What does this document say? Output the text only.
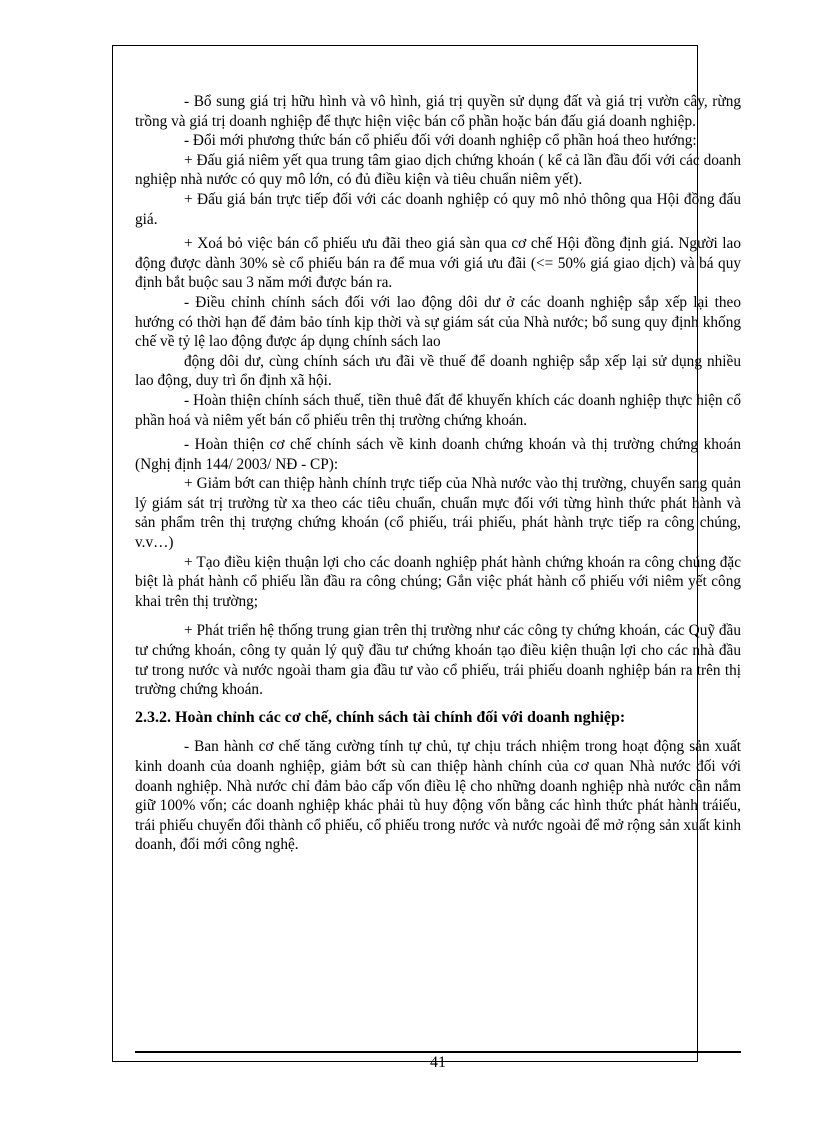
- Bổ sung giá trị hữu hình và vô hình, giá trị quyền sử dụng đất và giá trị vườn cây, rừng trồng và giá trị doanh nghiệp để thực hiện việc bán cổ phần hoặc bán đấu giá doanh nghiệp.

- Đổi mới phương thức bán cổ phiếu đối với doanh nghiệp cổ phần hoá theo hướng:

+ Đấu giá niêm yết qua trung tâm giao dịch chứng khoán ( kể cả lần đầu đối với các doanh nghiệp nhà nước có quy mô lớn, có đủ điều kiện và tiêu chuẩn niêm yết).

+ Đấu giá bán trực tiếp đối với các doanh nghiệp có quy mô nhỏ thông qua Hội đồng đấu giá.

+ Xoá bỏ việc bán cổ phiếu ưu đãi theo giá sàn qua cơ chế Hội đồng định giá. Người lao động được dành 30% sè cổ phiếu bán ra để mua với giá ưu đãi (<= 50% giá giao dịch) và bá quy định bắt buộc sau 3 năm mới được bán ra.

- Điều chỉnh chính sách đối với lao động dôi dư ở các doanh nghiệp sắp xếp lại theo hướng có thời hạn để đảm bảo tính kịp thời và sự giám sát của Nhà nước; bổ sung quy định khống chế về tỷ lệ lao động được áp dụng chính sách lao

động dôi dư, cùng chính sách ưu đãi về thuế để doanh nghiệp sắp xếp lại sử dụng nhiều lao động, duy trì ổn định xã hội.

- Hoàn thiện chính sách thuế, tiền thuê đất để khuyến khích các doanh nghiệp thực hiện cổ phần hoá và niêm yết bán cổ phiếu trên thị trường chứng khoán.

- Hoàn thiện cơ chế chính sách về kinh doanh chứng khoán và thị trường chứng khoán (Nghị định 144/ 2003/ NĐ - CP):

+ Giảm bớt can thiệp hành chính trực tiếp của Nhà nước vào thị trường, chuyển sang quản lý giám sát trị trường từ xa theo các tiêu chuẩn, chuẩn mực đối với từng hình thức phát hành và sản phẩm trên thị trượng chứng khoán (cổ phiếu, trái phiếu, phát hành trực tiếp ra công chúng, v.v…)

+ Tạo điều kiện thuận lợi cho các doanh nghiệp phát hành chứng khoán ra công chúng đặc biệt là phát hành cổ phiếu lần đầu ra công chúng; Gắn việc phát hành cổ phiếu với niêm yết công khai trên thị trường;

+ Phát triển hệ thống trung gian trên thị trường như các công ty chứng khoán, các Quỹ đầu tư chứng khoán, công ty quản lý quỹ đầu tư chứng khoán tạo điều kiện thuận lợi cho các nhà đầu tư trong nước và nước ngoài tham gia đầu tư vào cổ phiếu, trái phiếu doanh nghiệp bán ra trên thị trường chứng khoán.

2.3.2. Hoàn chỉnh các cơ chế, chính sách tài chính đối với doanh nghiệp:

- Ban hành cơ chế tăng cường tính tự chủ, tự chịu trách nhiệm trong hoạt động sản xuất kinh doanh của doanh nghiệp, giảm bớt sù can thiệp hành chính của cơ quan Nhà nước đối với doanh nghiệp. Nhà nước chỉ đảm bảo cấp vốn điều lệ cho những doanh nghiệp nhà nước cần nắm giữ 100% vốn; các doanh nghiệp khác phải tù huy động vốn bằng các hình thức phát hành tráiếu, trái phiếu chuyển đổi thành cổ phiếu, cổ phiếu trong nước và nước ngoài để mở rộng sản xuất kinh doanh, đổi mới công nghệ.

41
